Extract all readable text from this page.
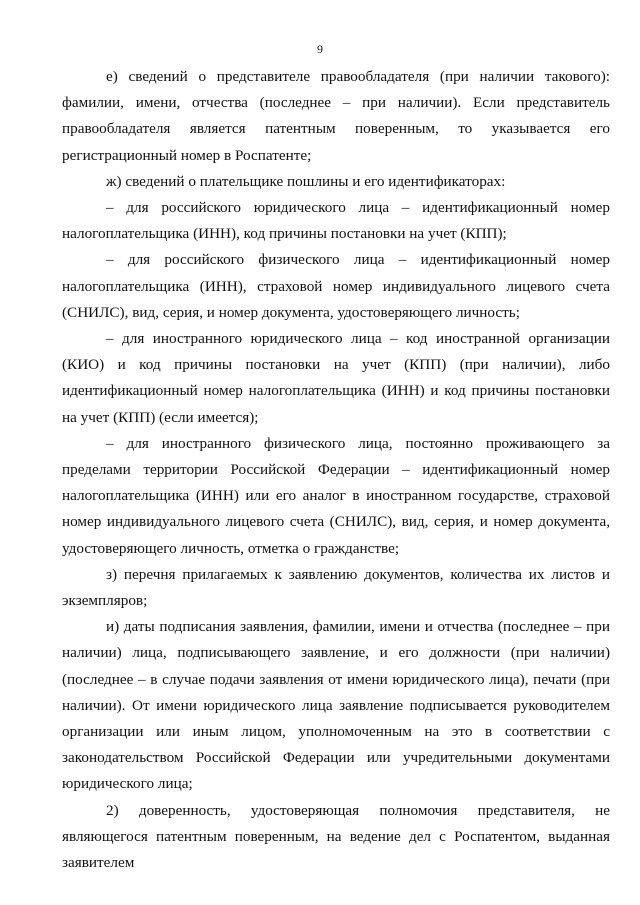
9

е) сведений о представителе правообладателя (при наличии такового): фамилии, имени, отчества (последнее – при наличии). Если представитель правообладателя является патентным поверенным, то указывается его регистрационный номер в Роспатенте;

ж) сведений о плательщике пошлины и его идентификаторах:

– для российского юридического лица – идентификационный номер налогоплательщика (ИНН), код причины постановки на учет (КПП);

– для российского физического лица – идентификационный номер налогоплательщика (ИНН), страховой номер индивидуального лицевого счета (СНИЛС), вид, серия, и номер документа, удостоверяющего личность;

– для иностранного юридического лица – код иностранной организации (КИО) и код причины постановки на учет (КПП) (при наличии), либо идентификационный номер налогоплательщика (ИНН) и код причины постановки на учет (КПП) (если имеется);

– для иностранного физического лица, постоянно проживающего за пределами территории Российской Федерации – идентификационный номер налогоплательщика (ИНН) или его аналог в иностранном государстве, страховой номер индивидуального лицевого счета (СНИЛС), вид, серия, и номер документа, удостоверяющего личность, отметка о гражданстве;

з) перечня прилагаемых к заявлению документов, количества их листов и экземпляров;

и) даты подписания заявления, фамилии, имени и отчества (последнее – при наличии) лица, подписывающего заявление, и его должности (при наличии) (последнее – в случае подачи заявления от имени юридического лица), печати (при наличии). От имени юридического лица заявление подписывается руководителем организации или иным лицом, уполномоченным на это в соответствии с законодательством Российской Федерации или учредительными документами юридического лица;

2) доверенность, удостоверяющая полномочия представителя, не являющегося патентным поверенным, на ведение дел с Роспатентом, выданная заявителем
